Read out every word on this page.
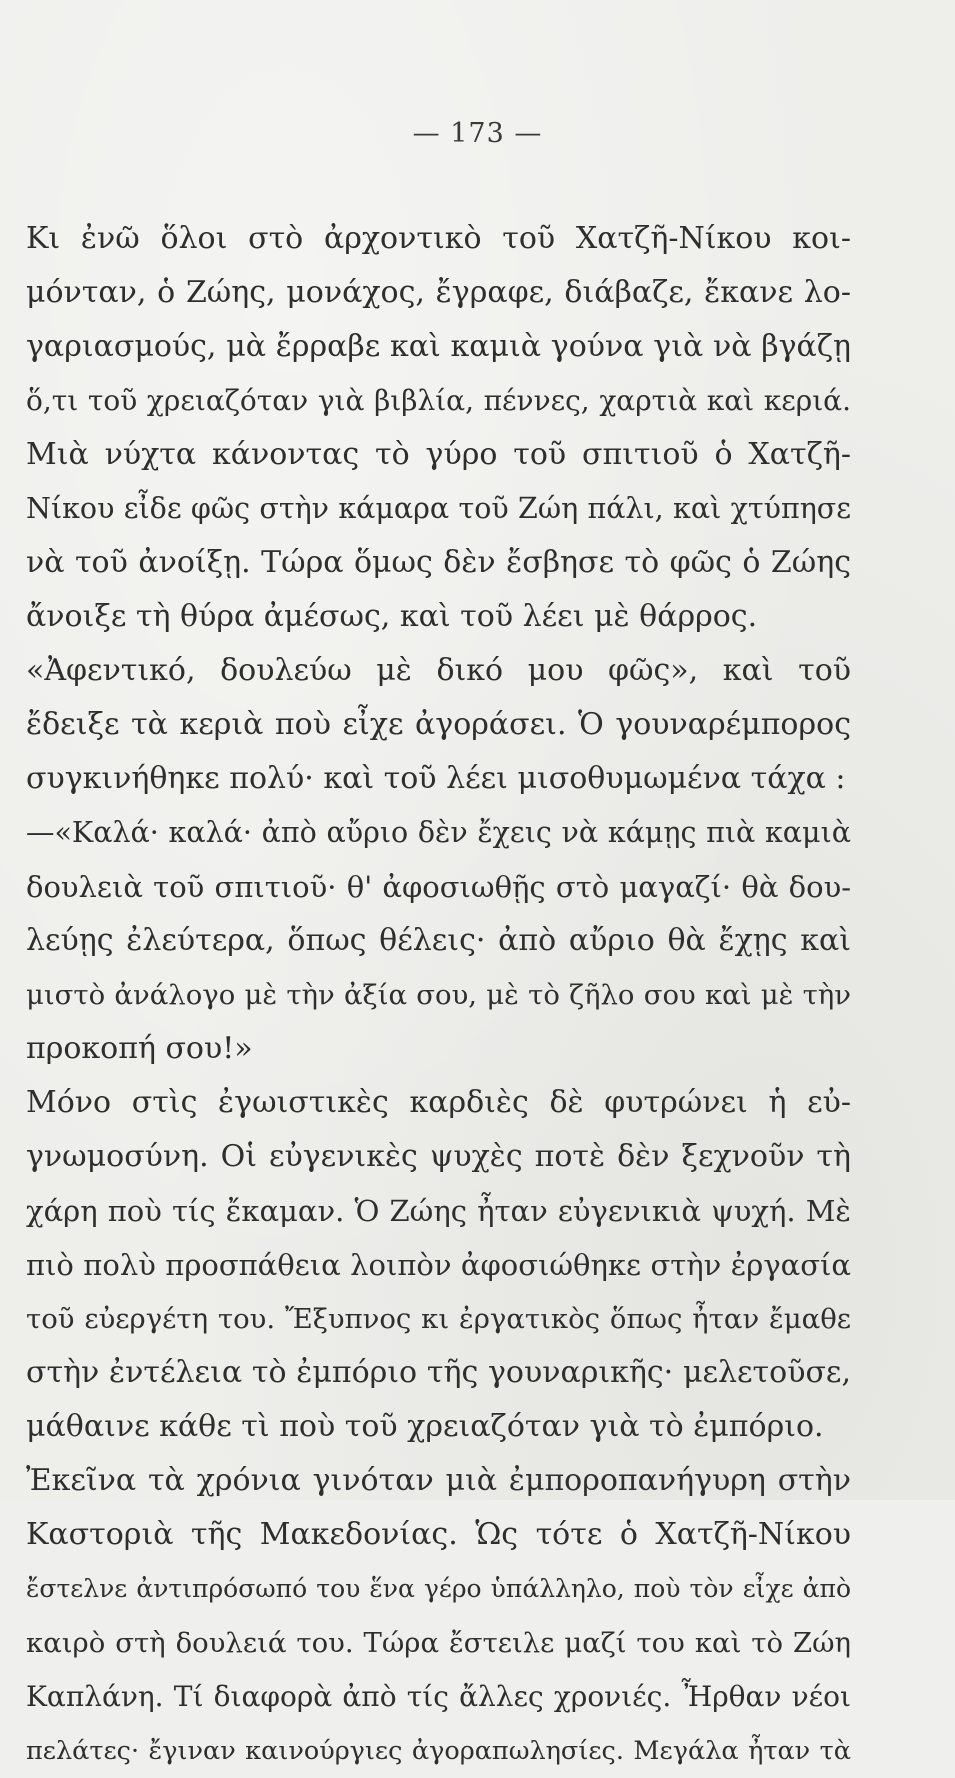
— 173 —
Κι ἐνῶ ὅλοι στὸ ἀρχοντικὸ τοῦ Χατζῆ-Νίκου κοι-
μόνταν, ὁ Ζώης, μονάχος, ἔγραφε, διάβαζε, ἔκανε λο-
γαριασμούς, μὰ ἔρραβε καὶ καμιὰ γούνα γιὰ νὰ βγάζῃ
ὅ,τι τοῦ χρειαζόταν γιὰ βιβλία, πέννες, χαρτιὰ καὶ κεριά.
Μιὰ νύχτα κάνοντας τὸ γύρο τοῦ σπιτιοῦ ὁ Χατζῆ-
Νίκου εἶδε φῶς στὴν κάμαρα τοῦ Ζώη πάλι, καὶ χτύπησε
νὰ τοῦ ἀνοίξῃ. Τώρα ὅμως δὲν ἔσβησε τὸ φῶς ὁ Ζώης
ἄνοιξε τὴ θύρα ἀμέσως, καὶ τοῦ λέει μὲ θάρρος.
«Ἀφεντικό, δουλεύω μὲ δικό μου φῶς», καὶ τοῦ
ἔδειξε τὰ κεριὰ ποὺ εἶχε ἀγοράσει. Ὁ γουναρέμπορος
συγκινήθηκε πολύ· καὶ τοῦ λέει μισοθυμωμένα τάχα :
—«Καλά· καλά· ἀπὸ αὔριο δὲν ἔχεις νὰ κάμῃς πιὰ καμιὰ
δουλειὰ τοῦ σπιτιοῦ· θ' ἀφοσιωθῇς στὸ μαγαζί· θὰ δου-
λεύῃς ἐλεύτερα, ὅπως θέλεις· ἀπὸ αὔριο θὰ ἔχῃς καὶ
μιστὸ ἀνάλογο μὲ τὴν ἀξία σου, μὲ τὸ ζῆλο σου καὶ μὲ τὴν
προκοπή σου!»
Μόνο στὶς ἐγωιστικὲς καρδιὲς δὲ φυτρώνει ἡ εὐ-
γνωμοσύνη. Οἱ εὐγενικὲς ψυχὲς ποτὲ δὲν ξεχνοῦν τὴ
χάρη ποὺ τίς ἔκαμαν. Ὁ Ζώης ἦταν εὐγενικιὰ ψυχή. Μὲ
πιὸ πολὺ προσπάθεια λοιπὸν ἀφοσιώθηκε στὴν ἐργασία
τοῦ εὐεργέτη του. Ἔξυπνος κι ἐργατικὸς ὅπως ἦταν ἔμαθε
στὴν ἐντέλεια τὸ ἐμπόριο τῆς γουναρικῆς· μελετοῦσε,
μάθαινε κάθε τὶ ποὺ τοῦ χρειαζόταν γιὰ τὸ ἐμπόριο.
Ἐκεῖνα τὰ χρόνια γινόταν μιὰ ἐμποροπανήγυρη στὴν
Καστοριὰ τῆς Μακεδονίας. Ὡς τότε ὁ Χατζῆ-Νίκου
ἔστελνε ἀντιπρόσωπό του ἕνα γέρο ὑπάλληλο, ποὺ τὸν εἶχε ἀπὸ
καιρὸ στὴ δουλειά του. Τώρα ἔστειλε μαζί του καὶ τὸ Ζώη
Καπλάνη. Τί διαφορὰ ἀπὸ τίς ἄλλες χρονιές. Ἦρθαν νέοι
πελάτες· ἔγιναν καινούργιες ἀγοραπωλησίες. Μεγάλα ἦταν τὰ
